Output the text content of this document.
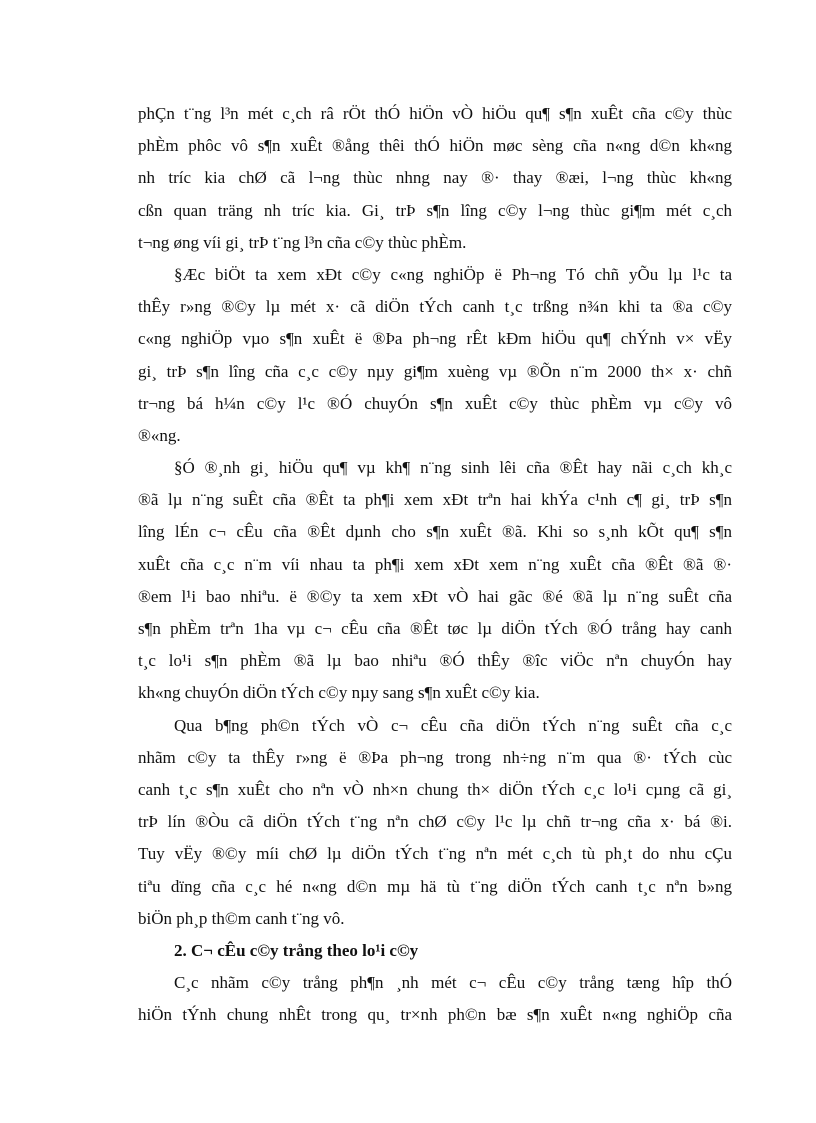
phÇn t¨ng l³n mét c¸ch râ rÖt thÓ hiÖn vÒ hiÖu qu¶ s¶n xuÊt cña c©y thùc
phÈm phôc vô s¶n xuÊt ®ång thêi thÓ hiÖn møc sèng cña n«ng d©n kh«ng
nh tríc kia chØ cã l¬ng thùc nhng nay ®· thay ®æi, l¬ng thùc kh«ng
cßn quan träng nh tríc kia. Gi¸ trÞ s¶n lîng c©y l¬ng thùc gi¶m mét c¸ch
t¬ng øng víi gi¸ trÞ t¨ng l³n cña c©y thùc phÈm.
§Æc biÖt ta xem xÐt c©y c«ng nghiÖp ë Ph¬ng Tó chñ yÕu lµ l¹c ta
thÊy r»ng ®©y lµ mét x· cã diÖn tÝch canh t¸c trßng n¾n khi ta ®a c©y
c«ng nghiÖp vµo s¶n xuÊt ë ®Þa ph¬ng rÊt kÐm hiÖu qu¶ chÝnh v× vËy
gi¸ trÞ s¶n lîng cña c¸c c©y nµy gi¶m xuèng vµ ®Õn n¨m 2000 th× x· chñ
tr¬ng bá h¼n c©y l¹c ®Ó chuyÓn s¶n xuÊt c©y thùc phÈm vµ c©y vô
®«ng.
§Ó ®¸nh gi¸ hiÖu qu¶ vµ kh¶ n¨ng sinh lêi cña ®Êt hay nãi c¸ch kh¸c
®ã lµ n¨ng suÊt cña ®Êt ta ph¶i xem xÐt trªn hai khÝa c¹nh c¶ gi¸ trÞ s¶n
lîng lÉn c¬ cÊu cña ®Êt dµnh cho s¶n xuÊt ®ã. Khi so s¸nh kÕt qu¶ s¶n
xuÊt cña c¸c n¨m víi nhau ta ph¶i xem xÐt xem n¨ng xuÊt cña ®Êt ®ã ®·
®em l¹i bao nhiªu. ë ®©y ta xem xÐt vÒ hai gãc ®é ®ã lµ n¨ng suÊt cña
s¶n phÈm trªn 1ha vµ c¬ cÊu cña ®Êt tøc lµ diÖn tÝch ®Ó trång hay canh
t¸c lo¹i s¶n phÈm ®ã lµ bao nhiªu ®Ó thÊy ®îc viÖc nªn chuyÓn hay
kh«ng chuyÓn diÖn tÝch c©y nµy sang s¶n xuÊt c©y kia.
Qua b¶ng ph©n tÝch vÒ c¬ cÊu cña diÖn tÝch n¨ng suÊt cña c¸c
nhãm c©y ta thÊy r»ng ë ®Þa ph¬ng trong nh÷ng n¨m qua ®· tÝch cùc
canh t¸c s¶n xuÊt cho nªn vÒ nh×n chung th× diÖn tÝch c¸c lo¹i cµng cã gi¸
trÞ lín ®Òu cã diÖn tÝch t¨ng nªn chØ c©y l¹c lµ chñ tr¬ng cña x· bá ®i.
Tuy vËy ®©y míi chØ lµ diÖn tÝch t¨ng nªn mét c¸ch tù ph¸t do nhu cÇu
tiªu dïng cña c¸c hé n«ng d©n mµ hä tù t¨ng diÖn tÝch canh t¸c nªn b»ng
biÖn ph¸p th©m canh t¨ng vô.
2. C¬ cÊu c©y trång theo lo¹i c©y
C¸c nhãm c©y trång ph¶n ¸nh mét c¬ cÊu c©y trång tæng hîp thÓ
hiÖn tÝnh chung nhÊt trong qu¸ tr×nh ph©n bæ s¶n xuÊt n«ng nghiÖp cña
